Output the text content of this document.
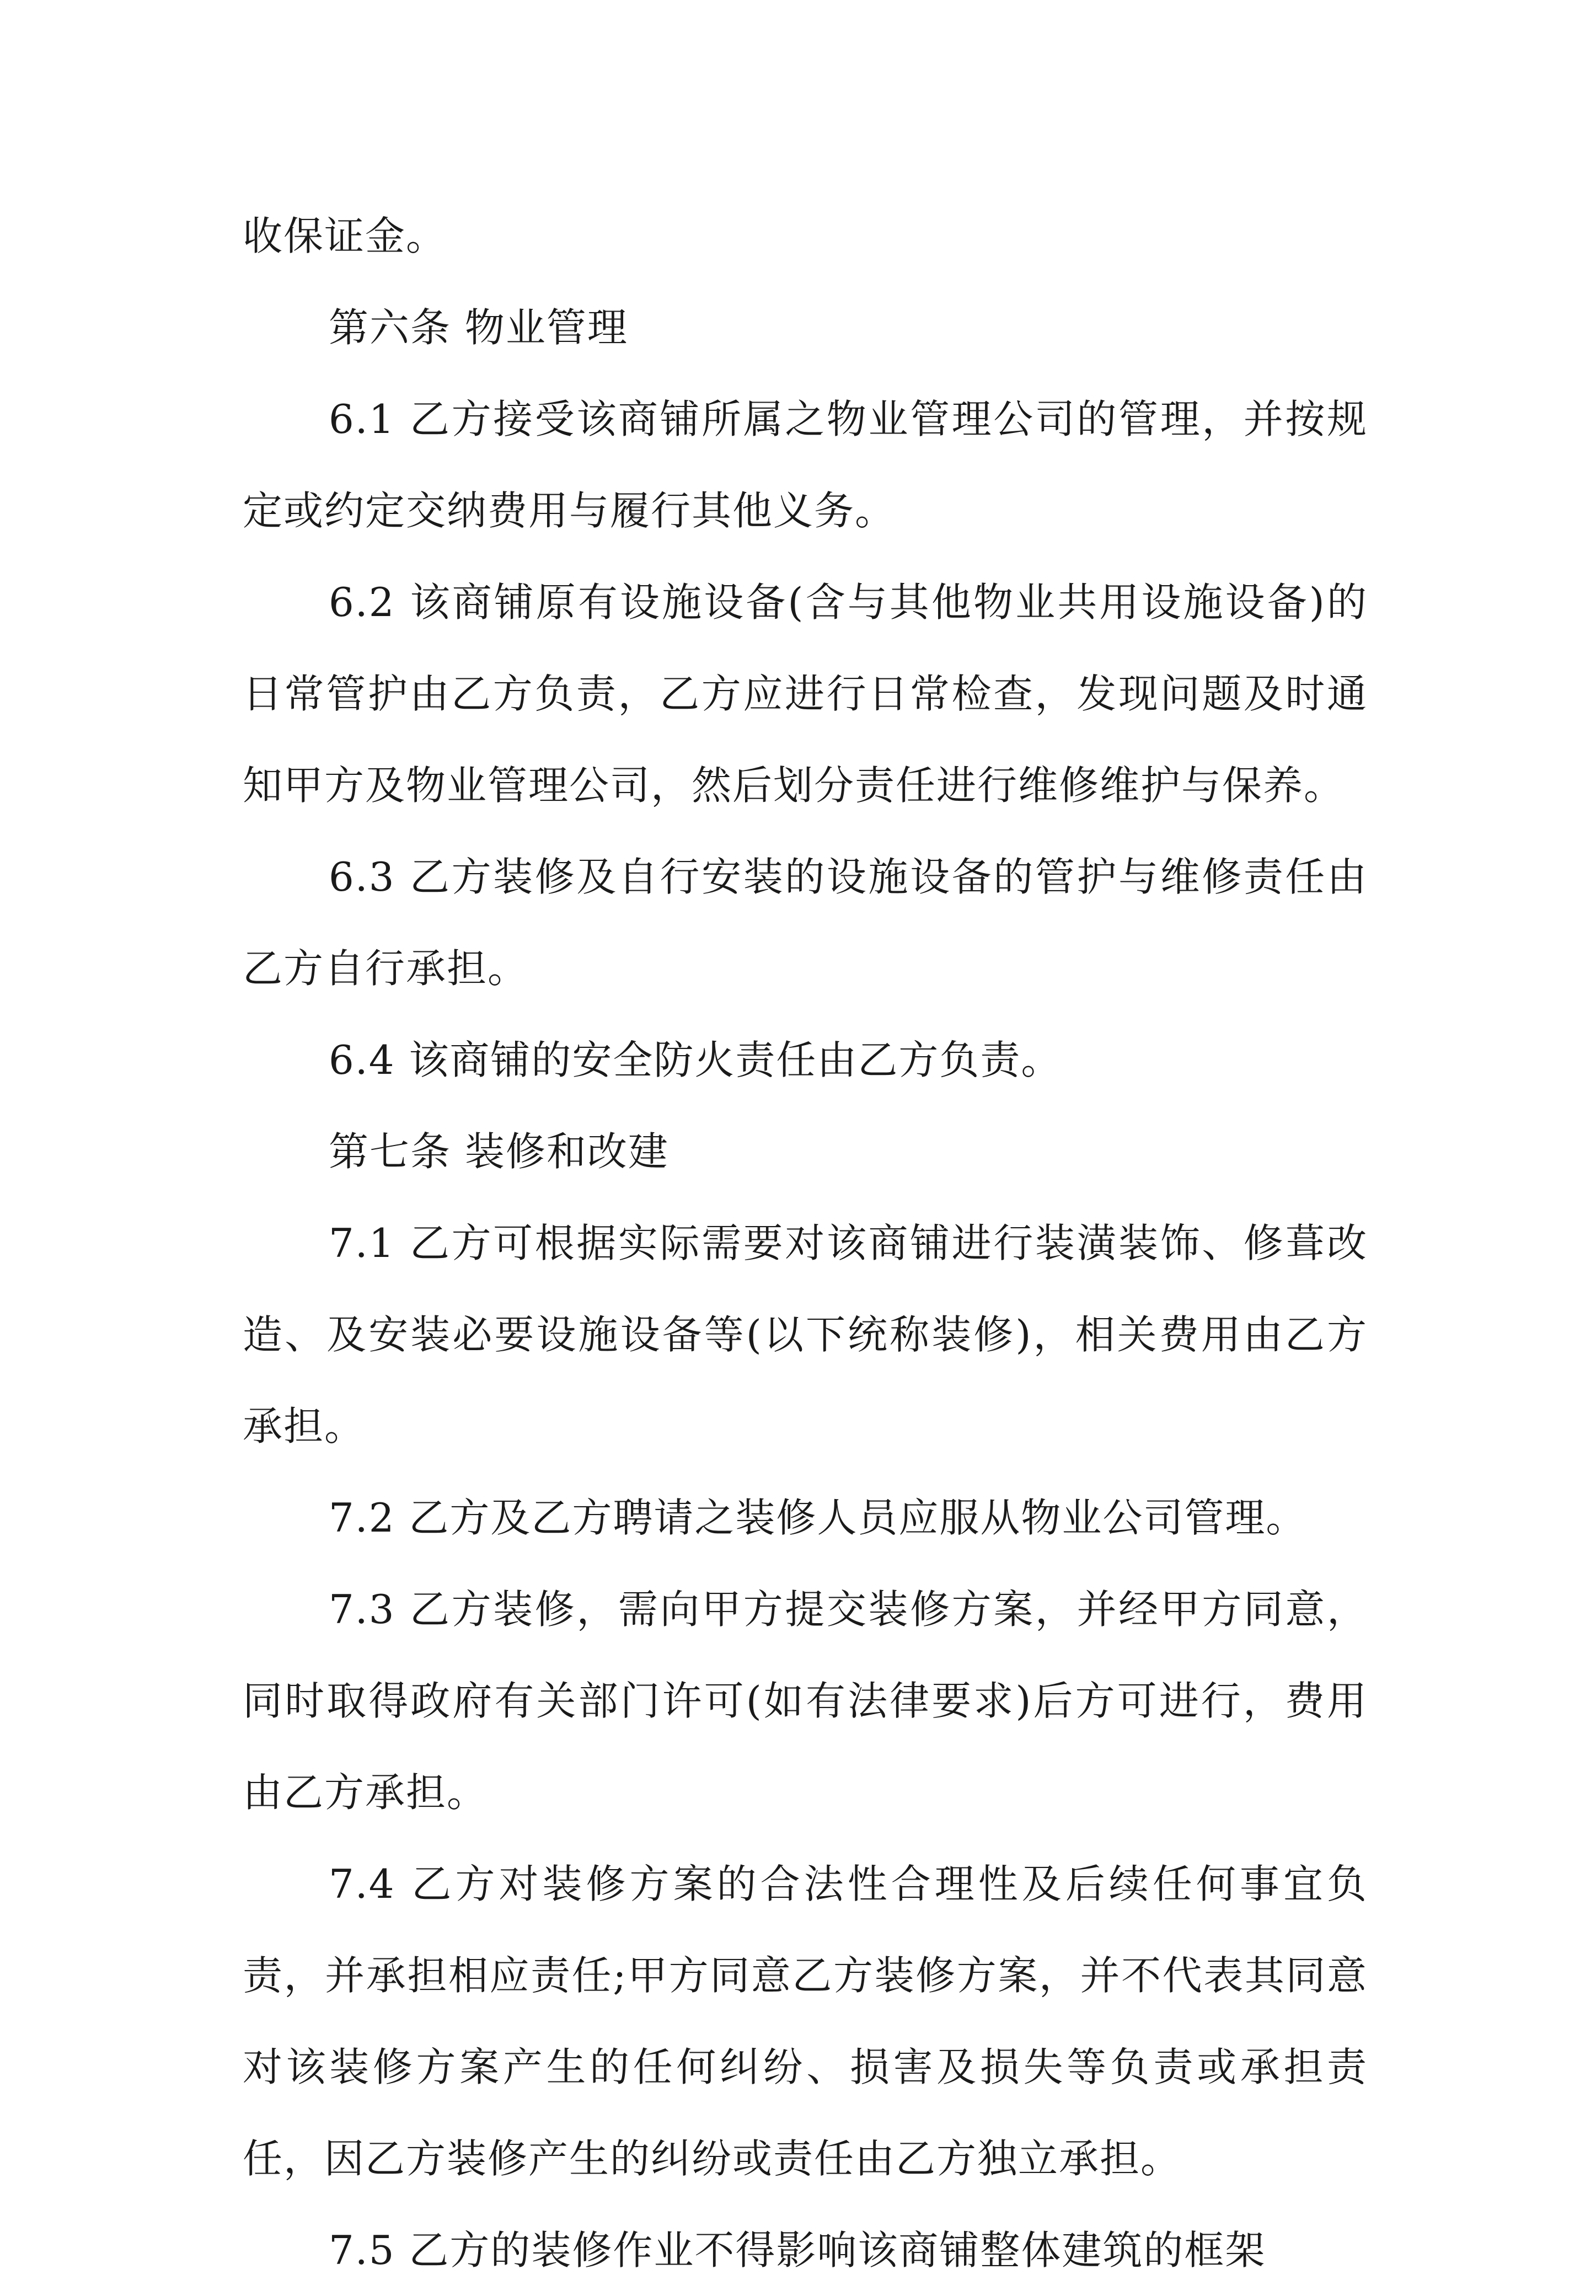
收保证金。

第六条 物业管理

6.1 乙方接受该商铺所属之物业管理公司的管理，并按规定或约定交纳费用与履行其他义务。

6.2 该商铺原有设施设备(含与其他物业共用设施设备)的日常管护由乙方负责，乙方应进行日常检查，发现问题及时通知甲方及物业管理公司，然后划分责任进行维修维护与保养。

6.3 乙方装修及自行安装的设施设备的管护与维修责任由乙方自行承担。

6.4 该商铺的安全防火责任由乙方负责。

第七条 装修和改建

7.1 乙方可根据实际需要对该商铺进行装潢装饰、修葺改造、及安装必要设施设备等(以下统称装修)，相关费用由乙方承担。

7.2 乙方及乙方聘请之装修人员应服从物业公司管理。

7.3 乙方装修，需向甲方提交装修方案，并经甲方同意，同时取得政府有关部门许可(如有法律要求)后方可进行，费用由乙方承担。

7.4 乙方对装修方案的合法性合理性及后续任何事宜负责，并承担相应责任;甲方同意乙方装修方案，并不代表其同意对该装修方案产生的任何纠纷、损害及损失等负责或承担责任，因乙方装修产生的纠纷或责任由乙方独立承担。

7.5 乙方的装修作业不得影响该商铺整体建筑的框架
